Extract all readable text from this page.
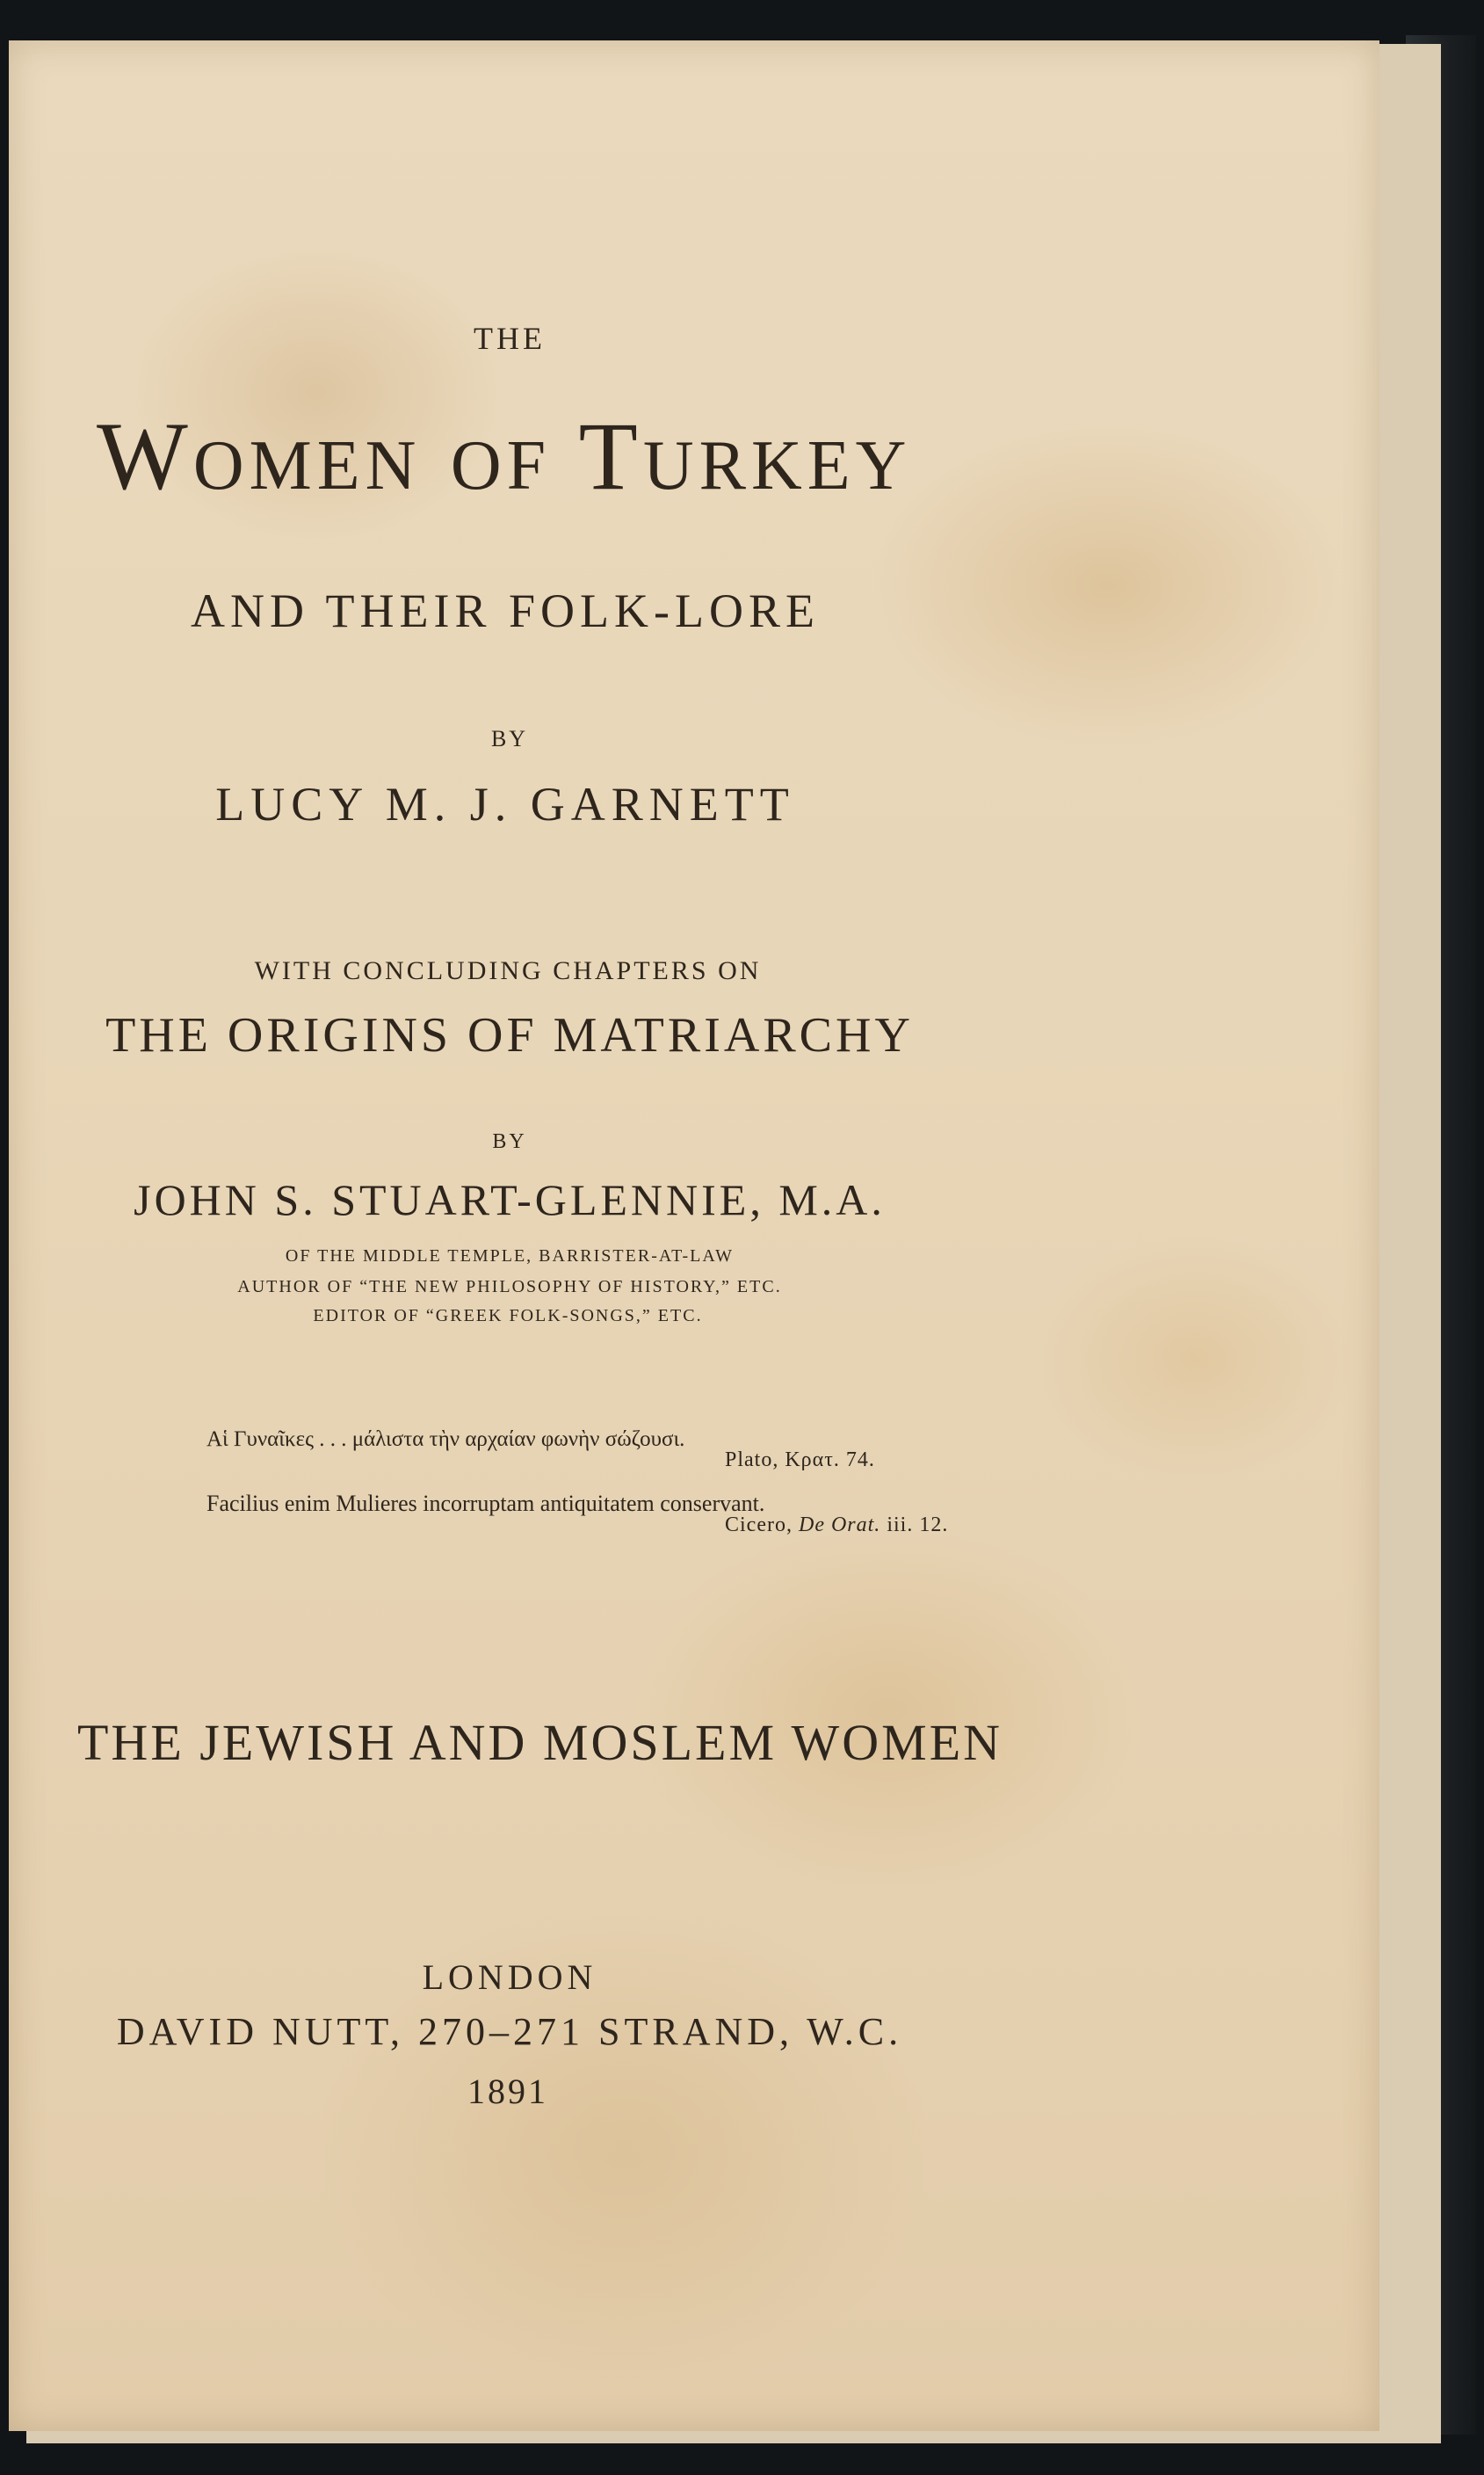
THE
WOMEN OF TURKEY
AND THEIR FOLK-LORE
BY
LUCY M. J. GARNETT
WITH CONCLUDING CHAPTERS ON
THE ORIGINS OF MATRIARCHY
BY
JOHN S. STUART-GLENNIE, M.A.
OF THE MIDDLE TEMPLE, BARRISTER-AT-LAW
AUTHOR OF “THE NEW PHILOSOPHY OF HISTORY,” ETC.
EDITOR OF “GREEK FOLK-SONGS,” ETC.
Αἱ Γυναῖκες . . . μάλιστα τὴν αρχαίαν φωνὴν σώζουσι.
Plato, Κρατ. 74.
Facilius enim Mulieres incorruptam antiquitatem conservant.
Cicero, De Orat. iii. 12.
THE JEWISH AND MOSLEM WOMEN
LONDON
DAVID NUTT, 270–271 STRAND, W.C.
1891
